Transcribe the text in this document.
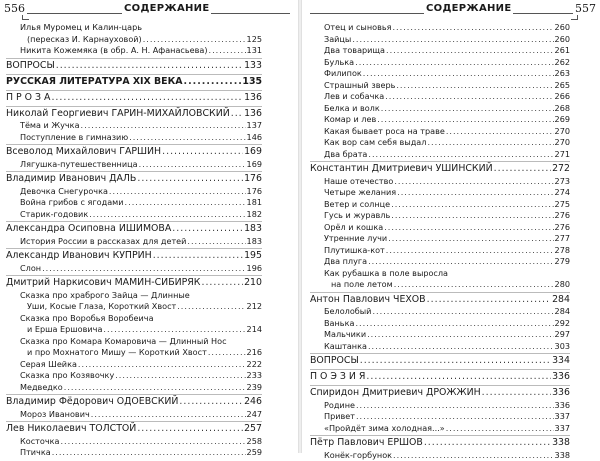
556	СОДЕРЖАНИЕ
Илья Муромец и Калин-царь
(пересказ И. Карнауховой) .....	125
Никита Кожемяка (в обр. А. Н. Афанасьева) .....	131
ВОПРОСЫ .....	133
РУССКАЯ ЛИТЕРАТУРА XIX ВЕКА .....	135
П Р О З А .....	136
Николай Георгиевич ГАРИН-МИХАЙЛОВСКИЙ ..... 136
Тёма и Жучка .....	137
Поступление в гимназию .....	146
Всеволод Михайлович ГАРШИН .....	169
Лягушка-путешественница .....	169
Владимир Иванович ДАЛЬ .....	176
Девочка Снегурочка .....	176
Война грибов с ягодами .....	181
Старик-годовик .....	182
Александра Осиповна ИШИМОВА .....	183
История России в рассказах для детей .....	183
Александр Иванович КУПРИН .....	195
Слон .....	196
Дмитрий Наркисович МАМИН-СИБИРЯК .....	210
Сказка про храброго Зайца — Длинные
Уши, Косые Глаза, Короткий Хвост .....	212
Сказка про Воробья Воробеича
и Ерша Ершовича .....	214
Сказка про Комара Комаровича — Длинный Нос
и про Мохнатого Мишу — Короткий Хвост .....	216
Серая Шейка .....	222
Сказка про Козявочку .....	233
Медведко .....	239
Владимир Фёдорович ОДОЕВСКИЙ .....	246
Мороз Иванович .....	247
Лев Николаевич ТОЛСТОЙ .....	257
Косточка .....	258
Птичка .....	259
557
СОДЕРЖАНИЕ
Отец и сыновья .....	260
Зайцы .....	260
Два товарища .....	261
Булька .....	262
Филипок .....	263
Страшный зверь .....	265
Лев и собачка .....	266
Белка и волк .....	268
Комар и лев .....	269
Какая бывает роса на траве .....	270
Как вор сам себя выдал .....	270
Два брата .....	271
Константин Дмитриевич УШИНСКИЙ .....	272
Наше отечество .....	273
Четыре желания .....	274
Ветер и солнце .....	275
Гусь и журавль .....	276
Орёл и кошка .....	276
Утренние лучи .....	277
Плутишка-кот .....	278
Два плуга .....	279
Как рубашка в поле выросла
на поле летом .....	280
Антон Павлович ЧЕХОВ .....	284
Белолобый .....	284
Ванька .....	292
Мальчики .....	297
Каштанка .....	303
ВОПРОСЫ .....	334
П О Э З И Я .....	336
Спиридон Дмитриевич ДРОЖЖИН .....	336
Родине .....	336
Привет .....	337
«Пройдёт зима холодная...» .....	337
Пётр Павлович ЕРШОВ .....	338
Конёк-горбунок .....	338
